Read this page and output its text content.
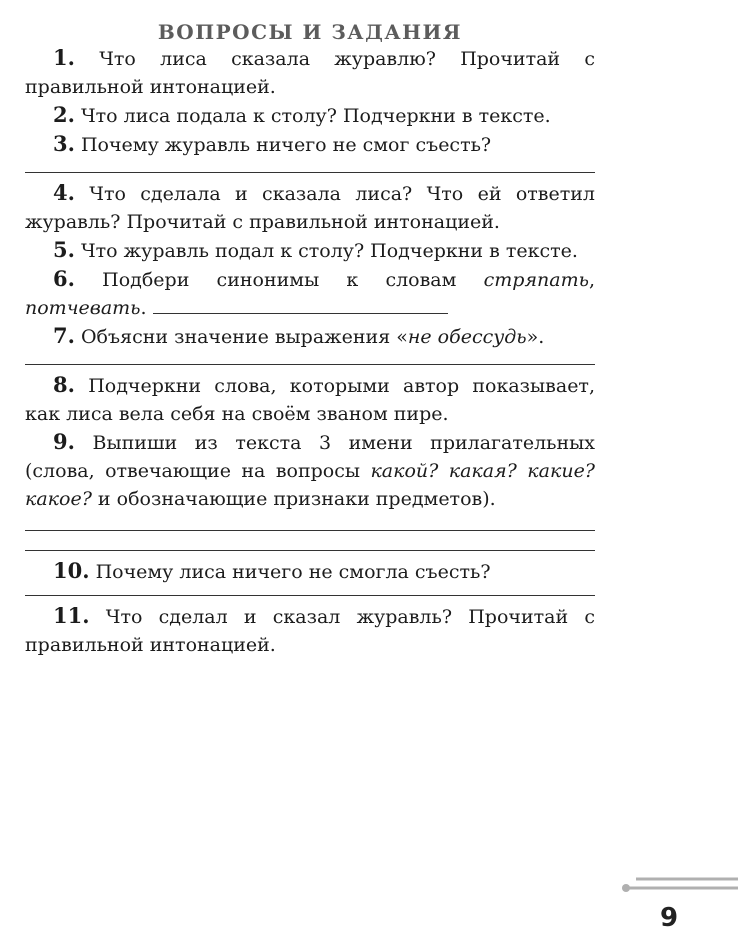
ВОПРОСЫ И ЗАДАНИЯ
1 . Что лиса сказала журавлю? Прочитай с правильной интонацией.
2 . Что лиса подала к столу? Подчеркни в тексте.
3 . Почему журавль ничего не смог съесть?
4 . Что сделала и сказала лиса? Что ей ответил журавль? Прочитай с правильной интонацией.
5 . Что журавль подал к столу? Подчеркни в тексте.
6 . Подбери синонимы к словам стряпать, потчевать.
7 . Объясни значение выражения «не обессудь».
8 . Подчеркни слова, которыми автор показывает, как лиса вела себя на своём званом пире.
9 . Выпиши из текста 3 имени прилагательных (слова, отвечающие на вопросы какой? какая? какие? какое? и обозначающие признаки предметов).
10 . Почему лиса ничего не смогла съесть?
11 . Что сделал и сказал журавль? Прочитай с правильной интонацией.
9
